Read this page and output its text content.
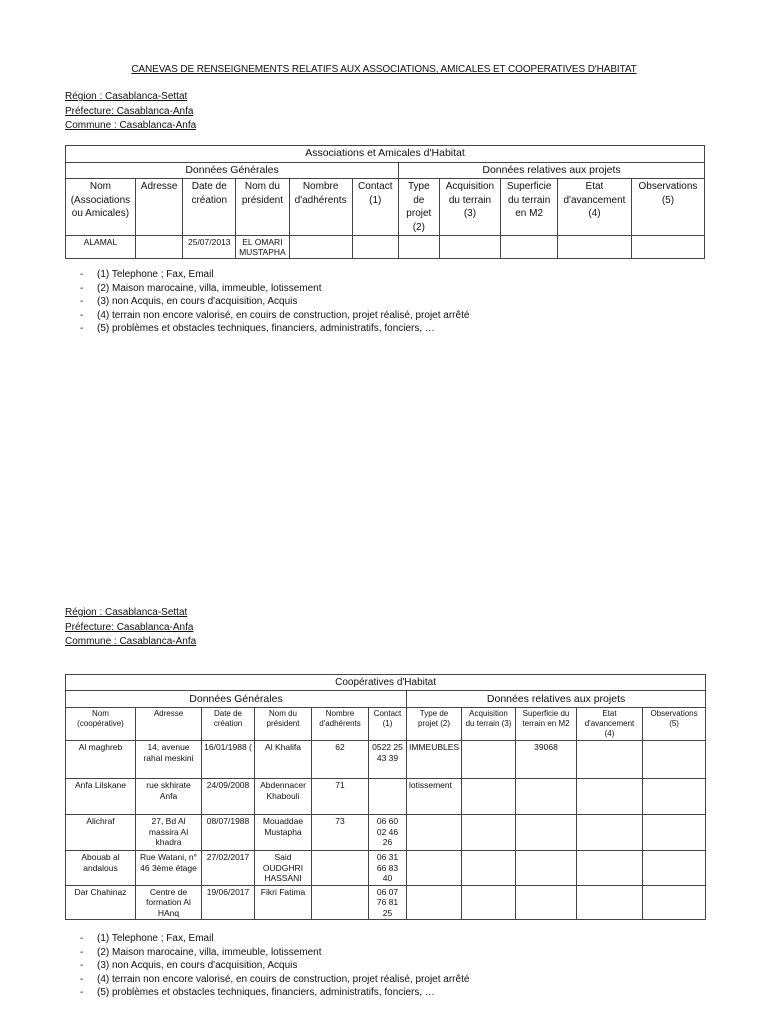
CANEVAS DE RENSEIGNEMENTS RELATIFS AUX ASSOCIATIONS, AMICALES ET COOPERATIVES D'HABITAT
Région : Casablanca-Settat
Préfecture: Casablanca-Anfa
Commune : Casablanca-Anfa
Associations et Amicales d'Habitat										
Données Générales						Données relatives aux projets				
Nom (Associations ou Amicales)	Adresse	Date de création	Nom du président	Nombre d'adhérents	Contact (1)	Type de projet (2)	Acquisition du terrain (3)	Superficie du terrain en M2	Etat d'avancement (4)	Observations (5)
ALAMAL		25/07/2013	EL OMARI MUSTAPHA							
- (1) Telephone ; Fax, Email
- (2) Maison marocaine, villa, immeuble, lotissement
- (3) non Acquis, en cours d'acquisition, Acquis
- (4) terrain non encore valorisé, en couirs de construction, projet réalisé, projet arrêté
- (5) problèmes et obstacles techniques, financiers, administratifs, fonciers, …
Région : Casablanca-Settat
Préfecture: Casablanca-Anfa
Commune : Casablanca-Anfa
Coopératives d'Habitat										
Données Générales						Données relatives aux projets				
Nom (coopérative)	Adresse	Date de création	Nom du président	Nombre d'adhérents	Contact (1)	Type de projet (2)	Acquisition du terrain (3)	Superficie du terrain en M2	Etat d'avancement (4)	Observations (5)
Al maghreb	14, avenue rahal meskini	16/01/1988 (	Al Khalifa	62	0522 25 43 39	IMMEUBLES		39068		
Anfa Lilskane	rue skhirate Anfa	24/09/2008	Abdennacer Khabouli	71		lotissement				
Alichraf	27, Bd Al massira Al khadra	08/07/1988	Mouaddae Mustapha	73	06 60 02 46 26					
Abouab al andalous	Rue Watani, n° 46 3ème étage	27/02/2017	Said OUDGHRI HASSANI		06 31 66 83 40					
Dar Chahinaz	Centre de formation Al HAnq	19/06/2017	Fikri Fatima		06 07 76 81 25					
- (1) Telephone ; Fax, Email
- (2) Maison marocaine, villa, immeuble, lotissement
- (3) non Acquis, en cours d'acquisition, Acquis
- (4) terrain non encore valorisé, en couirs de construction, projet réalisé, projet arrêté
- (5) problèmes et obstacles techniques, financiers, administratifs, fonciers, …
